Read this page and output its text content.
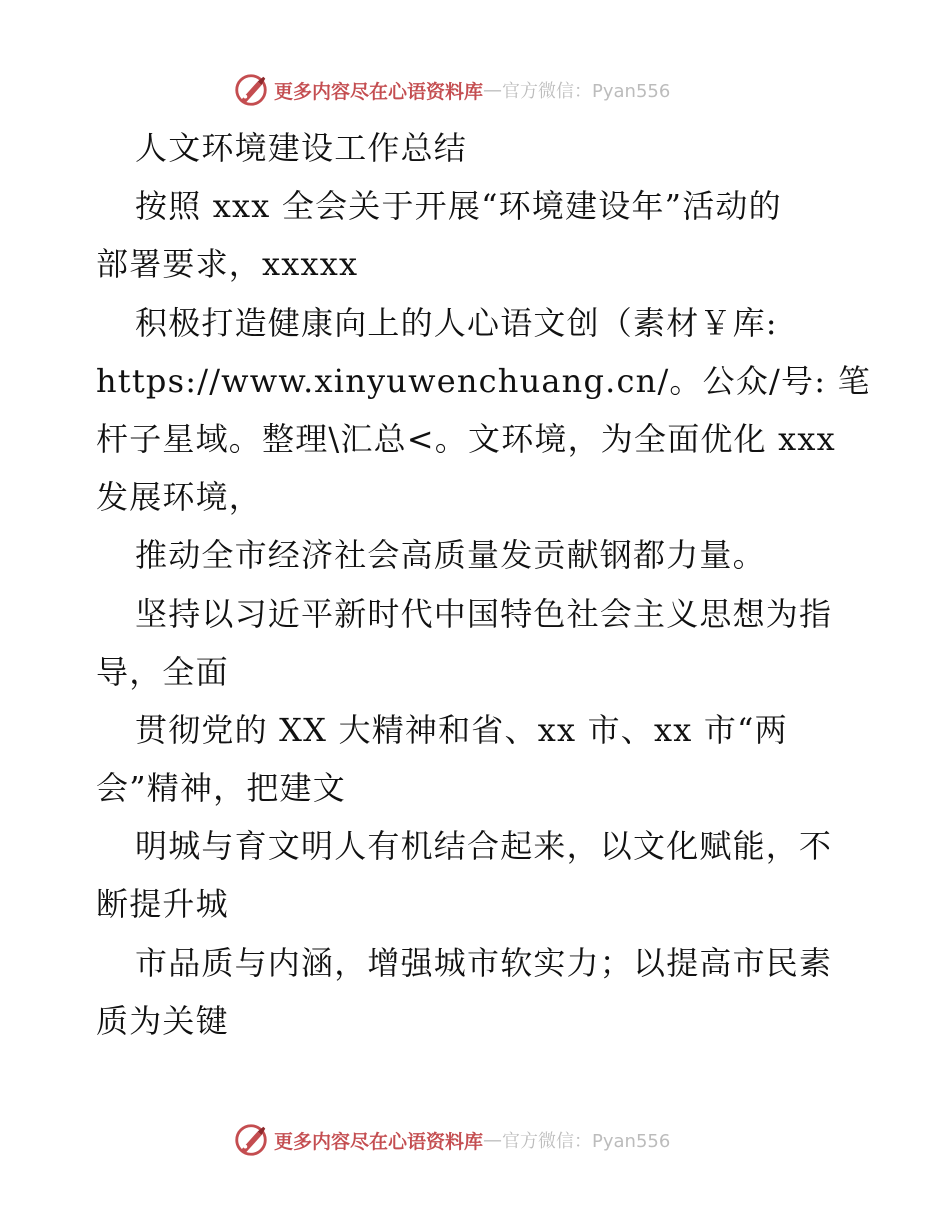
更多内容尽在心语资料库 — 官方微信：Pyan556
人文环境建设工作总结
按照 xxx 全会关于开展“环境建设年”活动的
部署要求，xxxxx
积极打造健康向上的人心语文创（素材￥库:
https://www.xinyuwenchuang.cn/。公众/号: 笔
杆子星域。整理\汇总<。文环境，为全面优化 xxx
发展环境，
推动全市经济社会高质量发贡献钢都力量。
坚持以习近平新时代中国特色社会主义思想为指
导，全面
贯彻党的 XX 大精神和省、xx 市、xx 市“两
会”精神，把建文
明城与育文明人有机结合起来，以文化赋能，不
断提升城
市品质与内涵，增强城市软实力；以提高市民素
质为关键
更多内容尽在心语资料库 — 官方微信：Pyan556
